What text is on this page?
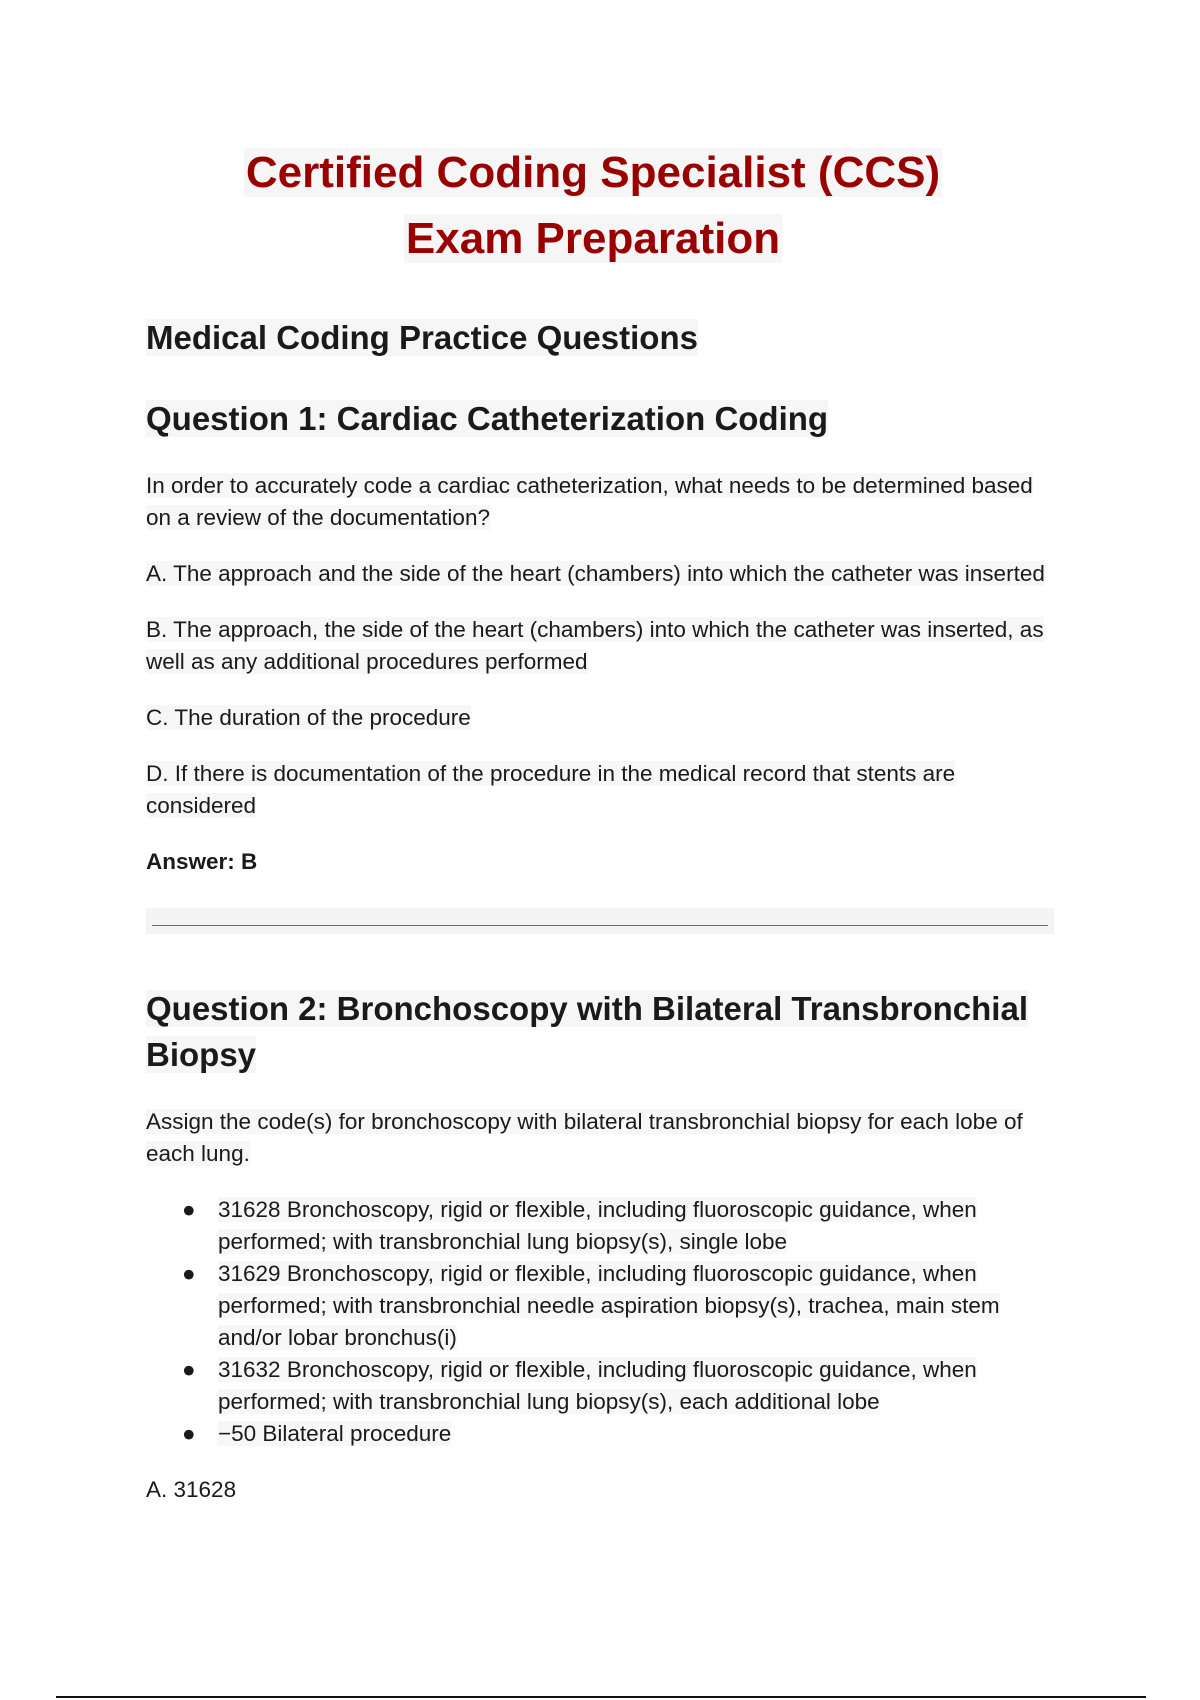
Certified Coding Specialist (CCS)
Exam Preparation
Medical Coding Practice Questions
Question 1: Cardiac Catheterization Coding
In order to accurately code a cardiac catheterization, what needs to be determined based on a review of the documentation?
A. The approach and the side of the heart (chambers) into which the catheter was inserted
B. The approach, the side of the heart (chambers) into which the catheter was inserted, as well as any additional procedures performed
C. The duration of the procedure
D. If there is documentation of the procedure in the medical record that stents are considered
Answer: B
Question 2: Bronchoscopy with Bilateral Transbronchial Biopsy
Assign the code(s) for bronchoscopy with bilateral transbronchial biopsy for each lobe of each lung.
● 31628 Bronchoscopy, rigid or flexible, including fluoroscopic guidance, when performed; with transbronchial lung biopsy(s), single lobe
● 31629 Bronchoscopy, rigid or flexible, including fluoroscopic guidance, when performed; with transbronchial needle aspiration biopsy(s), trachea, main stem and/or lobar bronchus(i)
● 31632 Bronchoscopy, rigid or flexible, including fluoroscopic guidance, when performed; with transbronchial lung biopsy(s), each additional lobe
● −50 Bilateral procedure
A. 31628
